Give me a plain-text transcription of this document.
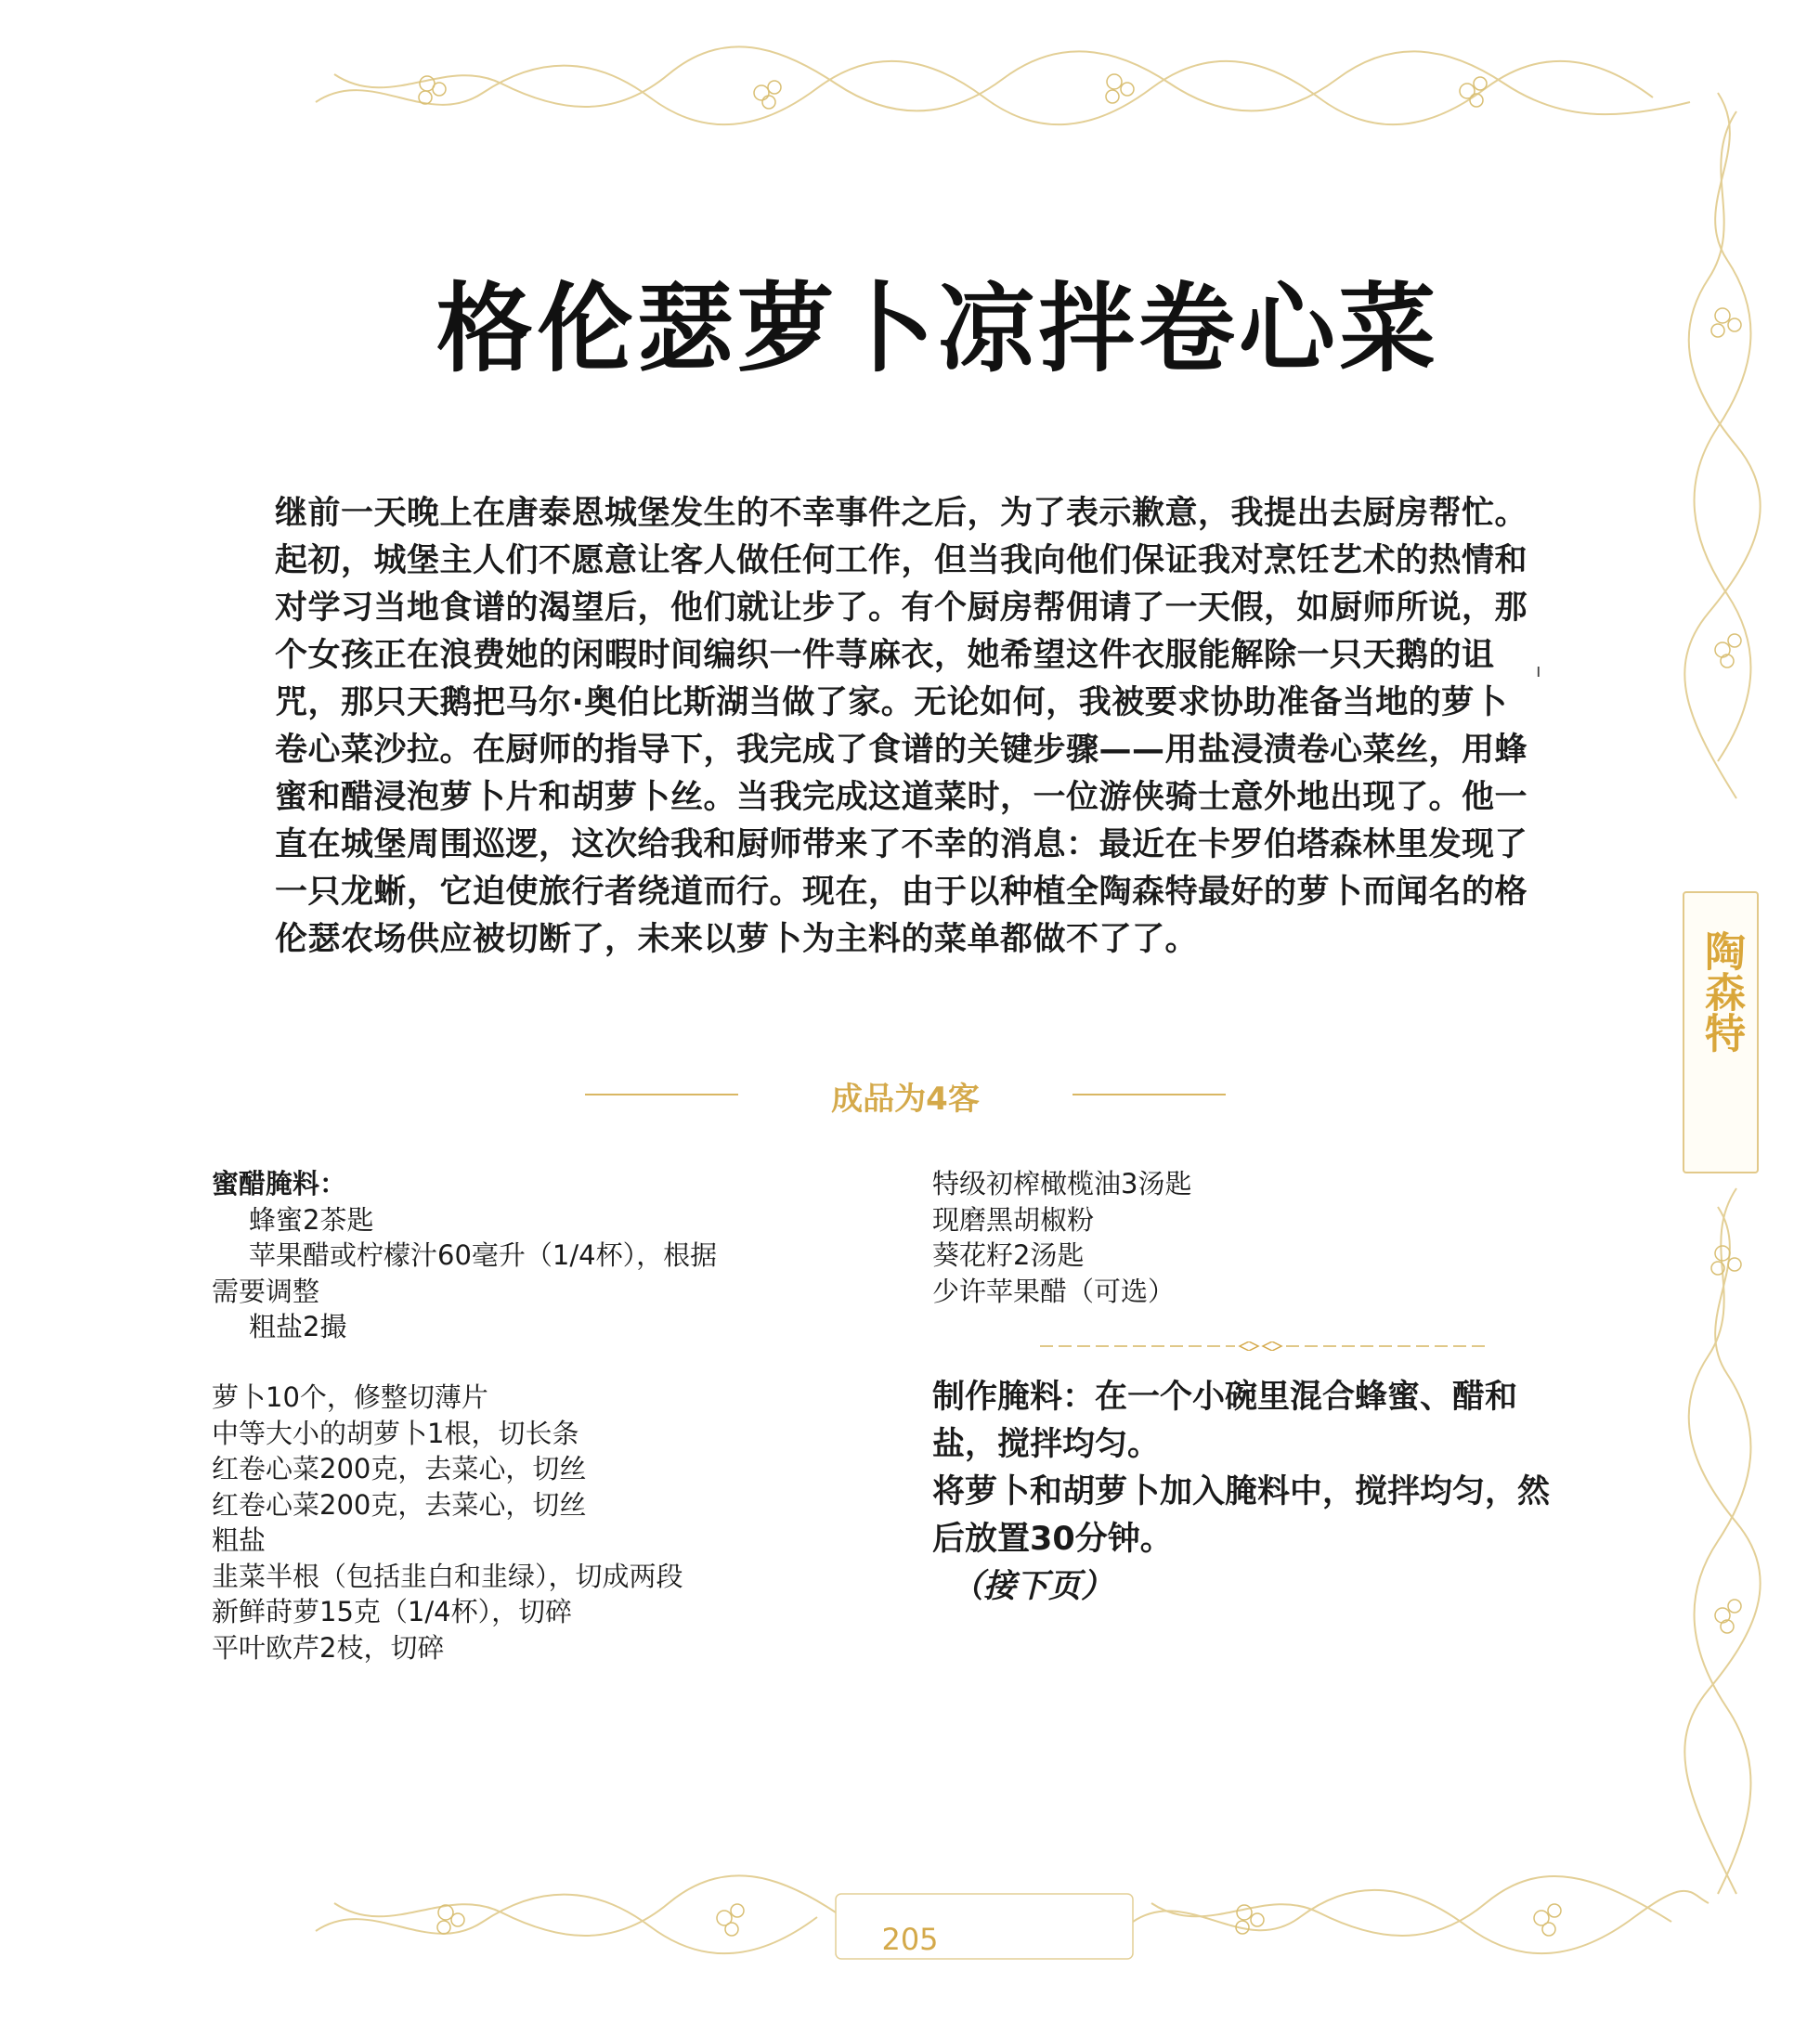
格伦瑟萝卜凉拌卷心菜
继前一天晚上在唐泰恩城堡发生的不幸事件之后，为了表示歉意，我提出去厨房帮忙。起初，城堡主人们不愿意让客人做任何工作，但当我向他们保证我对烹饪艺术的热情和对学习当地食谱的渴望后，他们就让步了。有个厨房帮佣请了一天假，如厨师所说，那个女孩正在浪费她的闲暇时间编织一件荨麻衣，她希望这件衣服能解除一只天鹅的诅咒，那只天鹅把马尔·奥伯比斯湖当做了家。无论如何，我被要求协助准备当地的萝卜卷心菜沙拉。在厨师的指导下，我完成了食谱的关键步骤——用盐浸渍卷心菜丝，用蜂蜜和醋浸泡萝卜片和胡萝卜丝。当我完成这道菜时，一位游侠骑士意外地出现了。他一直在城堡周围巡逻，这次给我和厨师带来了不幸的消息：最近在卡罗伯塔森林里发现了一只龙蜥，它迫使旅行者绕道而行。现在，由于以种植全陶森特最好的萝卜而闻名的格伦瑟农场供应被切断了，未来以萝卜为主料的菜单都做不了了。
ı
成品为4客
蜜醋腌料：
蜂蜜2茶匙
苹果醋或柠檬汁60毫升（1/4杯），根据
需要调整
粗盐2撮
萝卜10个，修整切薄片
中等大小的胡萝卜1根，切长条
红卷心菜200克，去菜心，切丝
红卷心菜200克，去菜心，切丝
粗盐
韭菜半根（包括韭白和韭绿），切成两段
新鲜莳萝15克（1/4杯），切碎
平叶欧芹2枝，切碎
特级初榨橄榄油3汤匙
现磨黑胡椒粉
葵花籽2汤匙
少许苹果醋（可选）
制作腌料：在一个小碗里混合蜂蜜、醋和盐，搅拌均匀。
将萝卜和胡萝卜加入腌料中，搅拌均匀，然后放置30分钟。
（接下页）
陶森特
205
